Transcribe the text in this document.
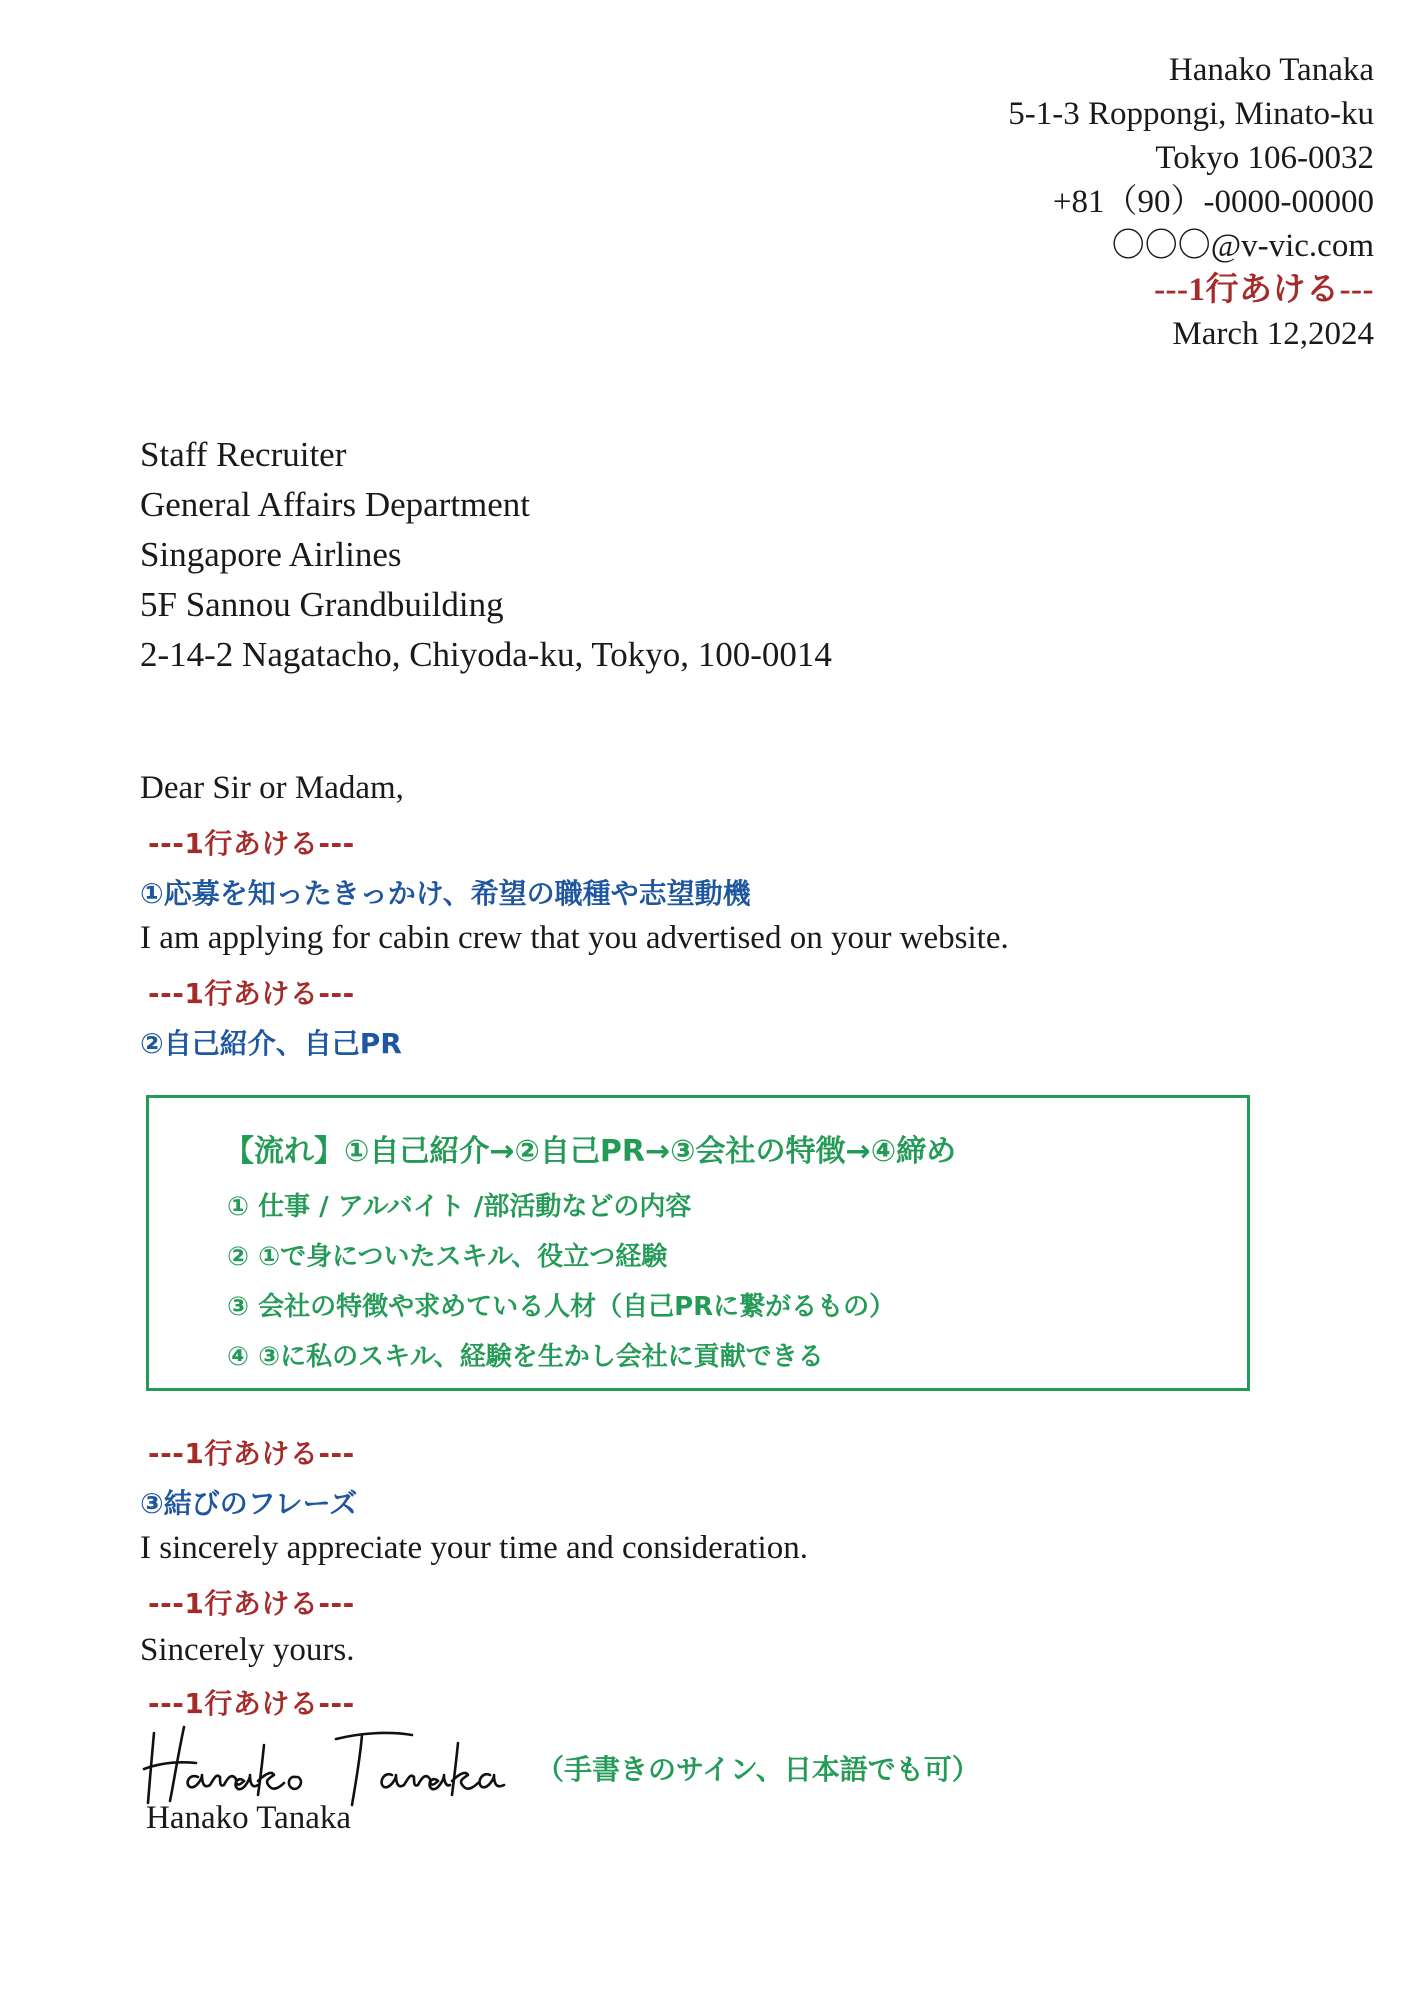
Hanako Tanaka
5-1-3 Roppongi, Minato-ku
Tokyo 106-0032
+81（90）-0000-00000
〇〇〇@v-vic.com
---1行あける---
March 12,2024
Staff Recruiter
General Affairs Department
Singapore Airlines
5F Sannou Grandbuilding
2-14-2 Nagatacho, Chiyoda-ku, Tokyo, 100-0014
Dear Sir or Madam,
---1行あける---
①応募を知ったきっかけ、希望の職種や志望動機
I am applying for cabin crew that you advertised on your website.
---1行あける---
②自己紹介、自己PR
【流れ】①自己紹介→②自己PR→③会社の特徴→④締め
① 仕事 / アルバイト /部活動などの内容
② ①で身についたスキル、役立つ経験
③ 会社の特徴や求めている人材（自己PRに繋がるもの）
④ ③に私のスキル、経験を生かし会社に貢献できる
---1行あける---
③結びのフレーズ
I sincerely appreciate your time and consideration.
---1行あける---
Sincerely yours.
---1行あける---
（手書きのサイン、日本語でも可）
Hanako Tanaka
